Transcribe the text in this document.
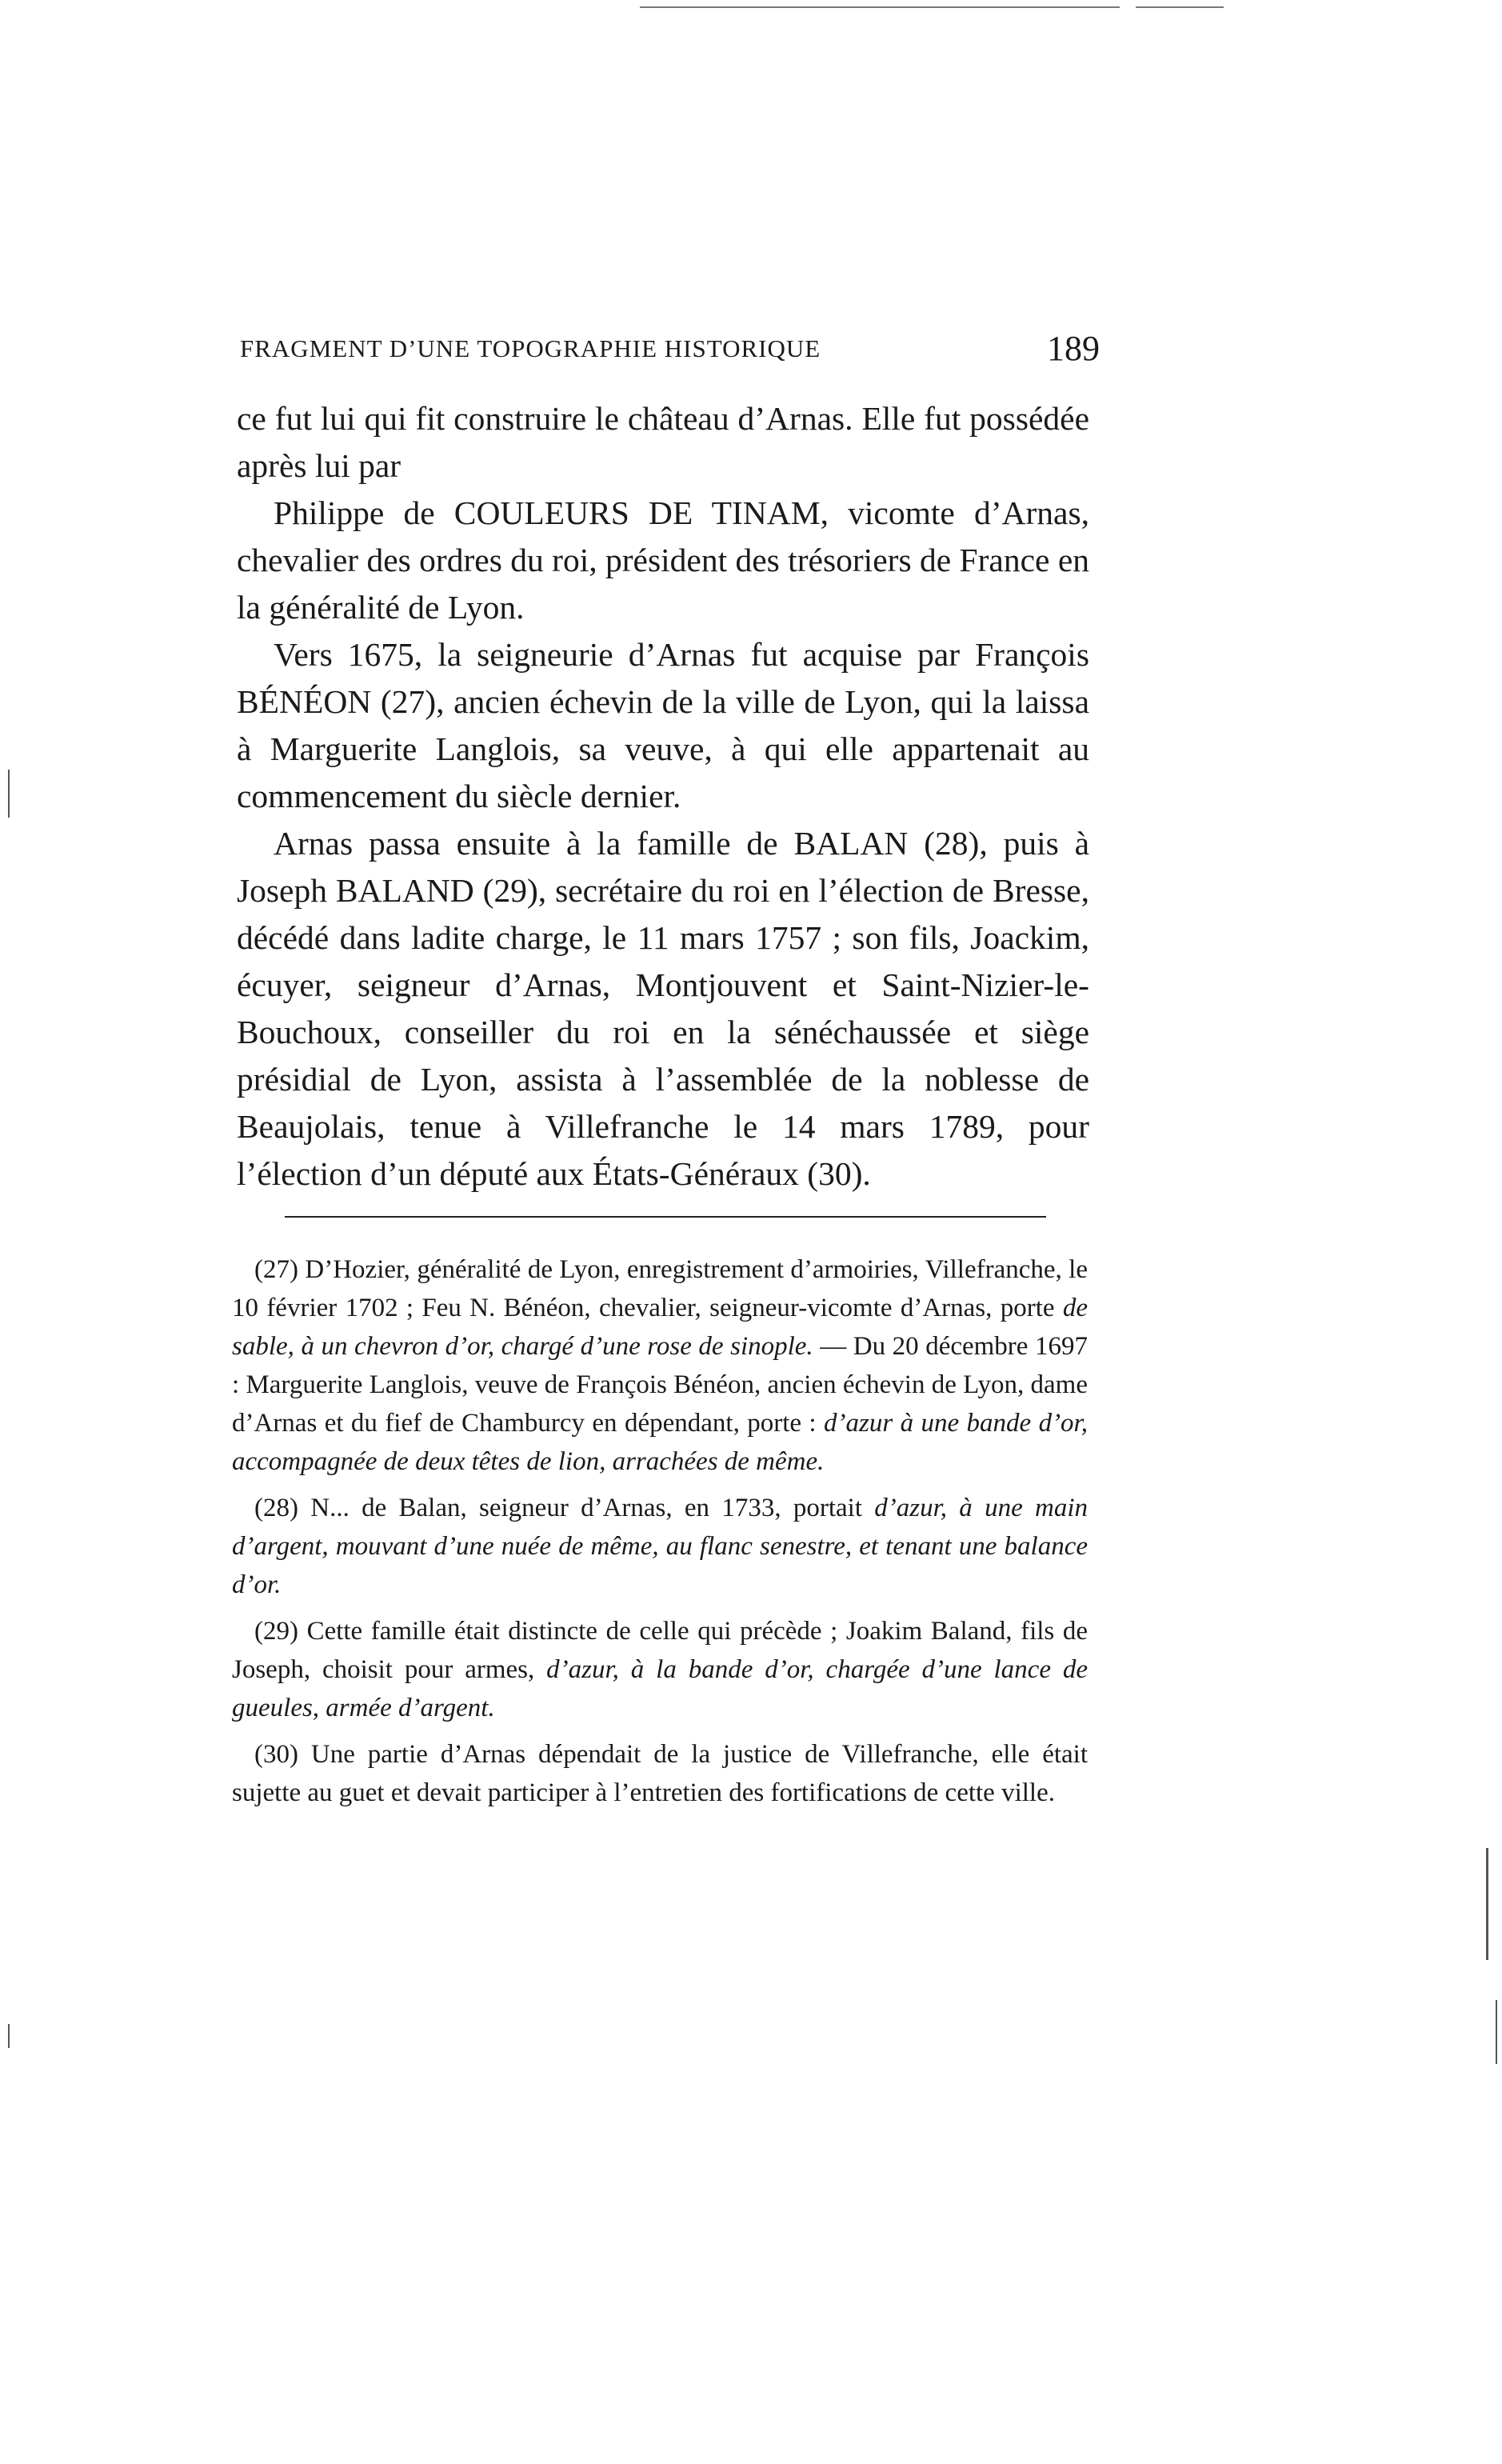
FRAGMENT D’UNE TOPOGRAPHIE HISTORIQUE	189

ce fut lui qui fit construire le château d’Arnas. Elle fut possédée après lui par

Philippe de COULEURS DE TINAM, vicomte d’Arnas, chevalier des ordres du roi, président des trésoriers de France en la généralité de Lyon.

Vers 1675, la seigneurie d’Arnas fut acquise par François BÉNÉON (27), ancien échevin de la ville de Lyon, qui la laissa à Marguerite Langlois, sa veuve, à qui elle appartenait au commencement du siècle dernier.

Arnas passa ensuite à la famille de BALAN (28), puis à Joseph BALAND (29), secrétaire du roi en l’élection de Bresse, décédé dans ladite charge, le 11 mars 1757 ; son fils, Joackim, écuyer, seigneur d’Arnas, Montjouvent et Saint-Nizier-le-Bouchoux, conseiller du roi en la sénéchaussée et siège présidial de Lyon, assista à l’assemblée de la noblesse de Beaujolais, tenue à Villefranche le 14 mars 1789, pour l’élection d’un député aux États-Généraux (30).

(27) D’Hozier, généralité de Lyon, enregistrement d’armoiries, Villefranche, le 10 février 1702 ; Feu N. Bénéon, chevalier, seigneur-vicomte d’Arnas, porte de sable, à un chevron d’or, chargé d’une rose de sinople. — Du 20 décembre 1697 : Marguerite Langlois, veuve de François Bénéon, ancien échevin de Lyon, dame d’Arnas et du fief de Chamburcy en dépendant, porte : d’azur à une bande d’or, accompagnée de deux têtes de lion, arrachées de même.

(28) N... de Balan, seigneur d’Arnas, en 1733, portait d’azur, à une main d’argent, mouvant d’une nuée de même, au flanc senestre, et tenant une balance d’or.

(29) Cette famille était distincte de celle qui précède ; Joakim Baland, fils de Joseph, choisit pour armes, d’azur, à la bande d’or, chargée d’une lance de gueules, armée d’argent.

(30) Une partie d’Arnas dépendait de la justice de Villefranche, elle était sujette au guet et devait participer à l’entretien des fortifications de cette ville.
